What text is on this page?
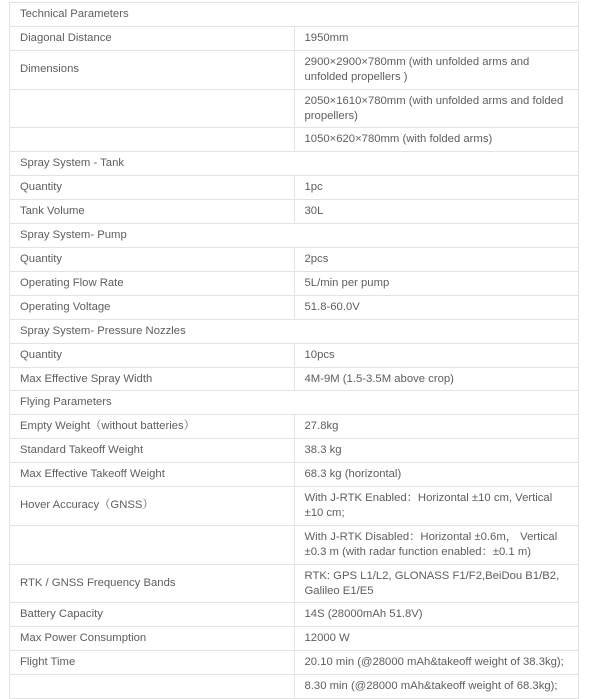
Technical Parameters	
Diagonal Distance	1950mm
Dimensions	2900×2900×780mm (with unfolded arms and unfolded propellers )
	2050×1610×780mm (with unfolded arms and folded propellers)
	1050×620×780mm (with folded arms)
Spray System - Tank	
Quantity	1pc
Tank Volume	30L
Spray System- Pump	
Quantity	2pcs
Operating Flow Rate	5L/min per pump
Operating Voltage	51.8-60.0V
Spray System- Pressure Nozzles	
Quantity	10pcs
Max Effective Spray Width	4M-9M (1.5-3.5M above crop)
Flying Parameters	
Empty Weight（without batteries）	27.8kg
Standard Takeoff Weight	38.3 kg
Max Effective Takeoff Weight	68.3 kg (horizontal)
Hover Accuracy（GNSS）	With J-RTK Enabled：Horizontal ±10 cm, Vertical ±10 cm;
	With J-RTK Disabled：Horizontal ±0.6m， Vertical ±0.3 m (with radar function enabled：±0.1 m)
RTK / GNSS Frequency Bands	RTK: GPS L1/L2, GLONASS F1/F2,BeiDou B1/B2, Galileo E1/E5
Battery Capacity	14S (28000mAh 51.8V)
Max Power Consumption	12000 W
Flight Time	20.10 min (@28000 mAh&takeoff weight of 38.3kg);
	8.30 min (@28000 mAh&takeoff weight of 68.3kg);
